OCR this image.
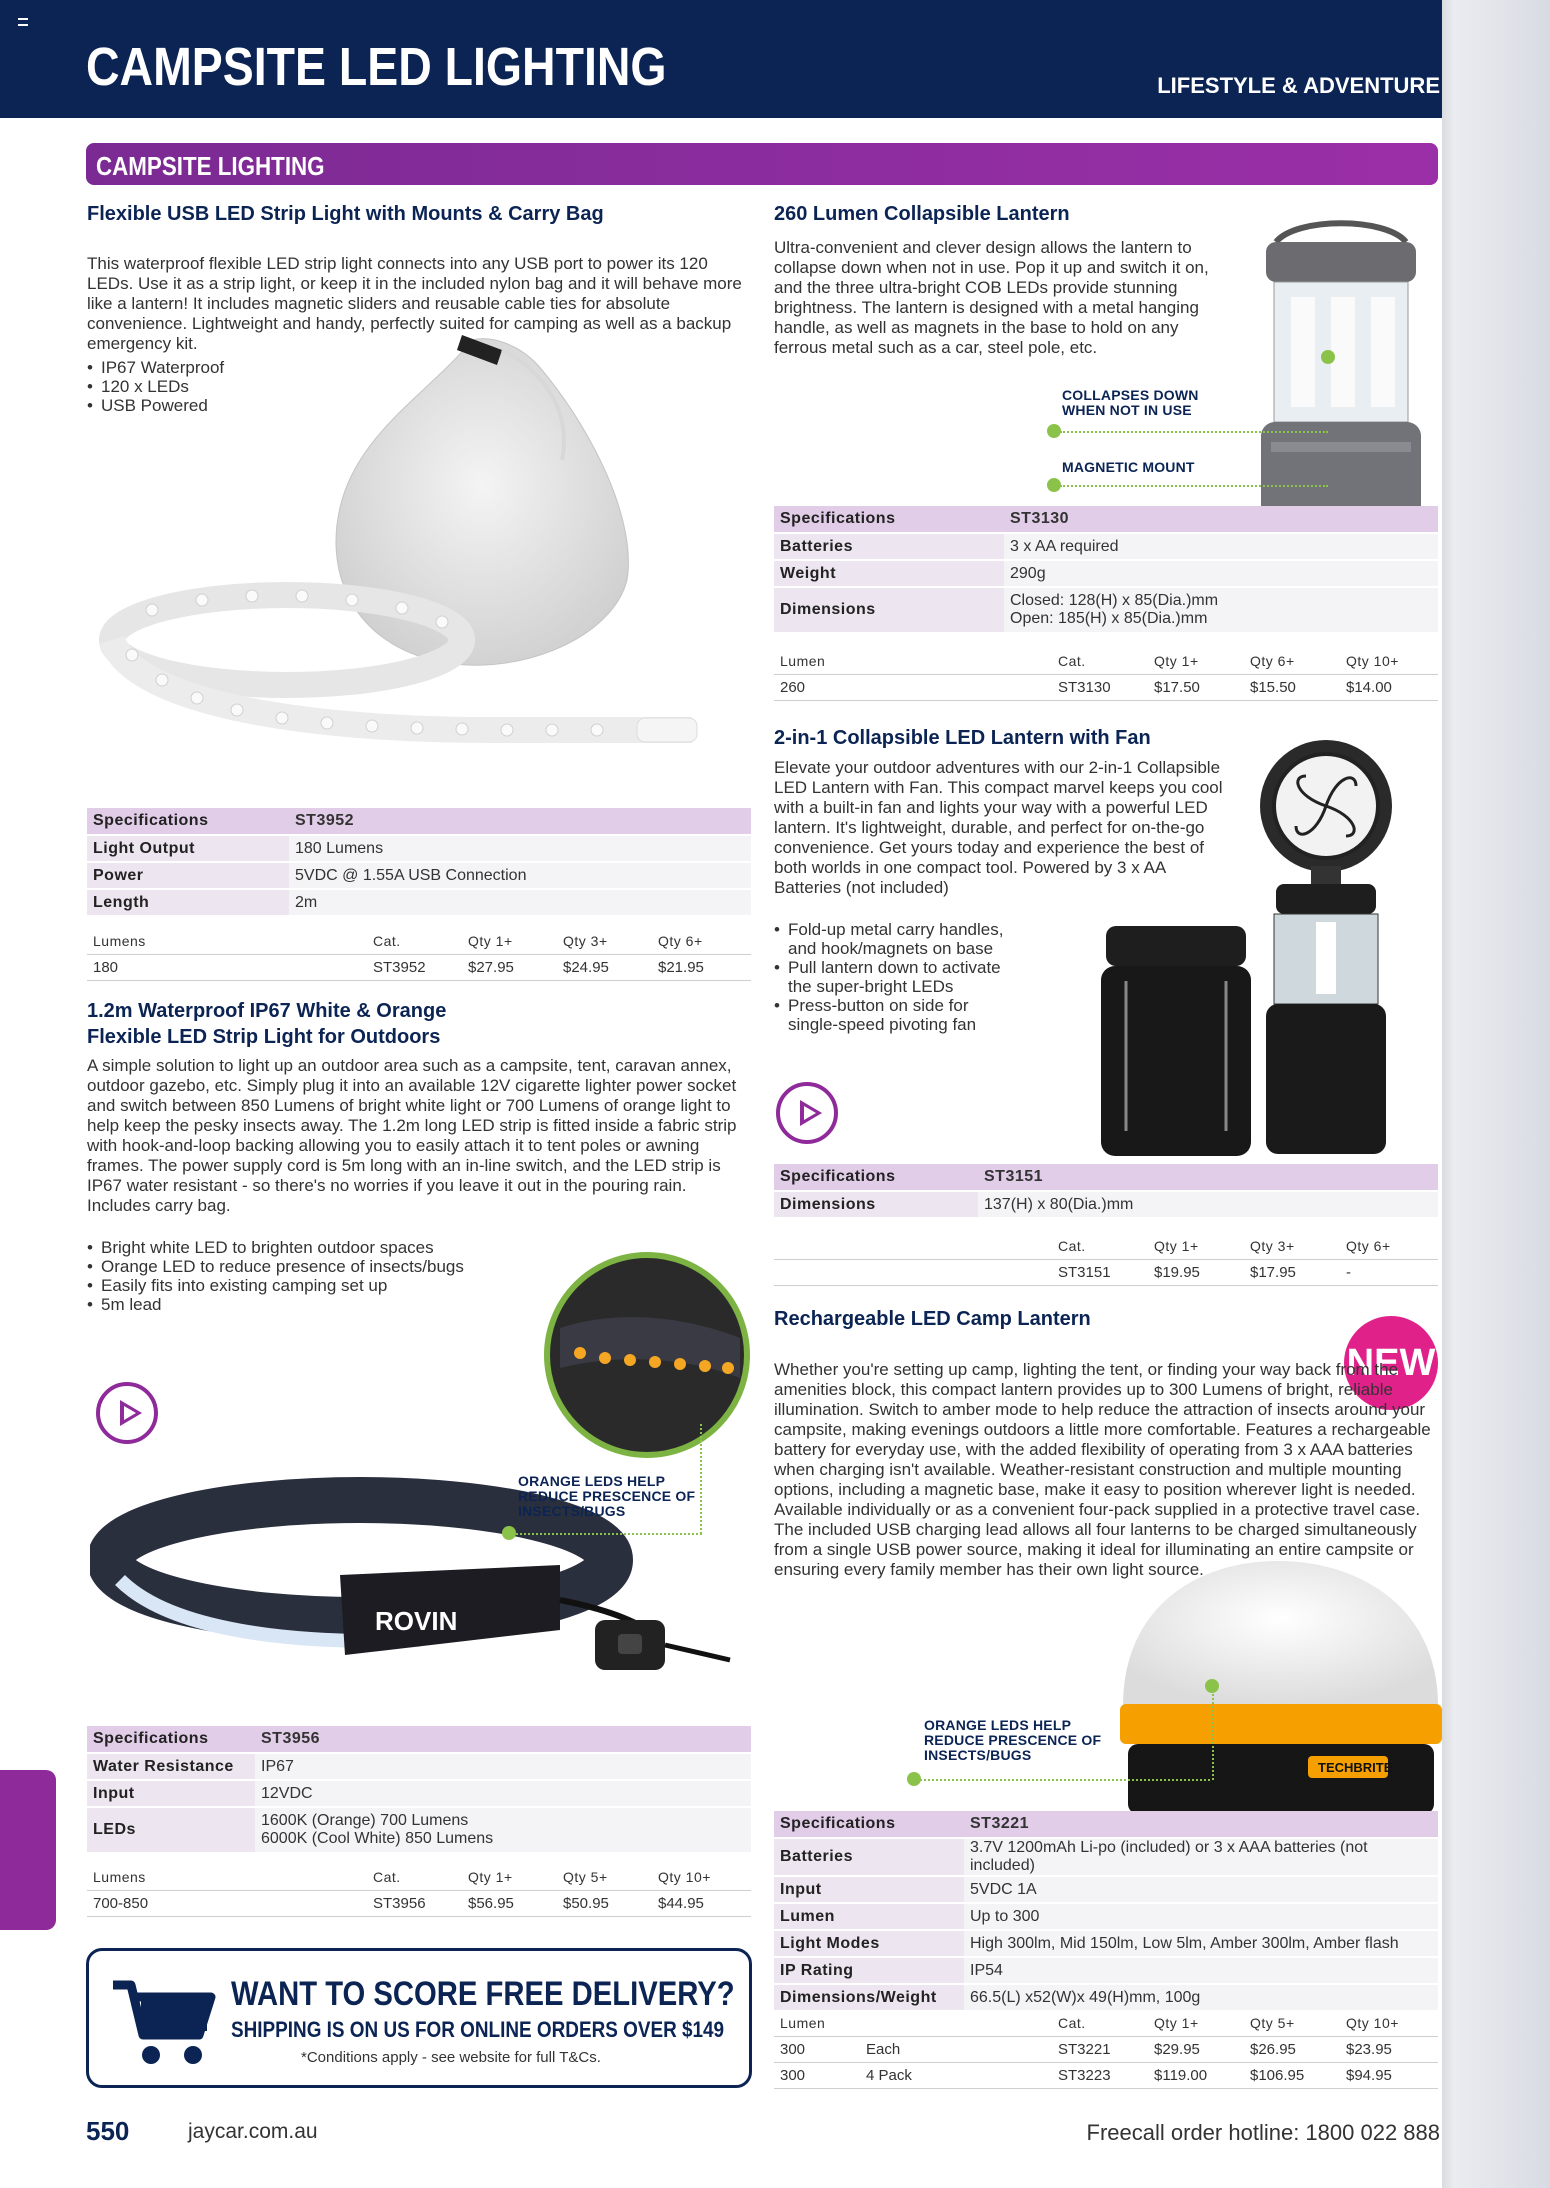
CAMPSITE LED LIGHTING	LIFESTYLE & ADVENTURE
CAMPSITE LIGHTING
Flexible USB LED Strip Light with Mounts & Carry Bag

This waterproof flexible LED strip light connects into any USB port to power its 120 LEDs. Use it as a strip light, or keep it in the included nylon bag and it will behave more like a lantern! It includes magnetic sliders and reusable cable ties for absolute convenience. Lightweight and handy, perfectly suited for camping as well as a backup emergency kit.

• IP67 Waterproof
• 120 x LEDs
• USB Powered
Specifications	ST3952
Light Output	180 Lumens
Power	5VDC @ 1.55A USB Connection
Length	2m
Lumens	Cat.	Qty 1+	Qty 3+	Qty 6+
180	ST3952	$27.95	$24.95	$21.95
1.2m Waterproof IP67 White & Orange
Flexible LED Strip Light for Outdoors
A simple solution to light up an outdoor area such as a campsite, tent, caravan annex, outdoor gazebo, etc. Simply plug it into an available 12V cigarette lighter power socket and switch between 850 Lumens of bright white light or 700 Lumens of orange light to help keep the pesky insects away. The 1.2m long LED strip is fitted inside a fabric strip with hook-and-loop backing allowing you to easily attach it to tent poles or awning frames. The power supply cord is 5m long with an in-line switch, and the LED strip is IP67 water resistant - so there's no worries if you leave it out in the pouring rain. Includes carry bag.
• Bright white LED to brighten outdoor spaces
• Orange LED to reduce presence of insects/bugs
• Easily fits into existing camping set up
• 5m lead
ROVIN
ORANGE LEDS HELP
REDUCE PRESCENCE OF
INSECTS/BUGS
Specifications	ST3956
Water Resistance	IP67
Input	12VDC
LEDs	1600K (Orange) 700 Lumens
6000K (Cool White) 850 Lumens
Lumens	Cat.	Qty 1+	Qty 5+	Qty 10+
700-850	ST3956	$56.95	$50.95	$44.95
260 Lumen Collapsible Lantern
Ultra-convenient and clever design allows the lantern to collapse down when not in use. Pop it up and switch it on, and the three ultra-bright COB LEDs provide stunning brightness. The lantern is designed with a metal hanging handle, as well as magnets in the base to hold on any ferrous metal such as a car, steel pole, etc.
COLLAPSES DOWN
WHEN NOT IN USE
MAGNETIC MOUNT
Specifications	ST3130
Batteries	3 x AA required
Weight	290g
Dimensions	Closed: 128(H) x 85(Dia.)mm
Open: 185(H) x 85(Dia.)mm
Lumen	Cat.	Qty 1+	Qty 6+	Qty 10+
260	ST3130	$17.50	$15.50	$14.00
2-in-1 Collapsible LED Lantern with Fan
Elevate your outdoor adventures with our 2-in-1 Collapsible LED Lantern with Fan. This compact marvel keeps you cool with a built-in fan and lights your way with a powerful LED lantern. It's lightweight, durable, and perfect for on-the-go convenience. Get yours today and experience the best of both worlds in one compact tool. Powered by 3 x AA Batteries (not included)
• Fold-up metal carry handles,
and hook/magnets on base
• Pull lantern down to activate
the super-bright LEDs
• Press-button on side for
single-speed pivoting fan
Specifications	ST3151
Dimensions	137(H) x 80(Dia.)mm
	Cat.	Qty 1+	Qty 3+	Qty 6+
	ST3151	$19.95	$17.95	-
Rechargeable LED Camp Lantern
NEW

Whether you're setting up camp, lighting the tent, or finding your way back from the amenities block, this compact lantern provides up to 300 Lumens of bright, reliable illumination. Switch to amber mode to help reduce the attraction of insects around your campsite, making evenings outdoors a little more comfortable. Features a rechargeable battery for everyday use, with the added flexibility of operating from 3 x AAA batteries when charging isn't available. Weather-resistant construction and multiple mounting options, including a magnetic base, make it easy to position wherever light is needed. Available individually or as a convenient four-pack supplied in a protective travel case. The included USB charging lead allows all four lanterns to be charged simultaneously from a single USB power source, making it ideal for illuminating an entire campsite or ensuring every family member has their own light source.

TECHBRITE
ORANGE LEDS HELP
REDUCE PRESCENCE OF
INSECTS/BUGS
Specifications	ST3221
Batteries	3.7V 1200mAh Li-po (included) or 3 x AAA batteries (not included)
Input	5VDC 1A
Lumen	Up to 300
Light Modes	High 300lm, Mid 150lm, Low 5lm, Amber 300lm, Amber flash
IP Rating	IP54
Dimensions/Weight	66.5(L) x52(W)x 49(H)mm, 100g
Lumen		Cat.	Qty 1+	Qty 5+	Qty 10+
300	Each	ST3221	$29.95	$26.95	$23.95
300	4 Pack	ST3223	$119.00	$106.95	$94.95
WANT TO SCORE FREE DELIVERY?
SHIPPING IS ON US FOR ONLINE ORDERS OVER $149
*Conditions apply - see website for full T&Cs.
550	jaycar.com.au	Freecall order hotline: 1800 022 888
